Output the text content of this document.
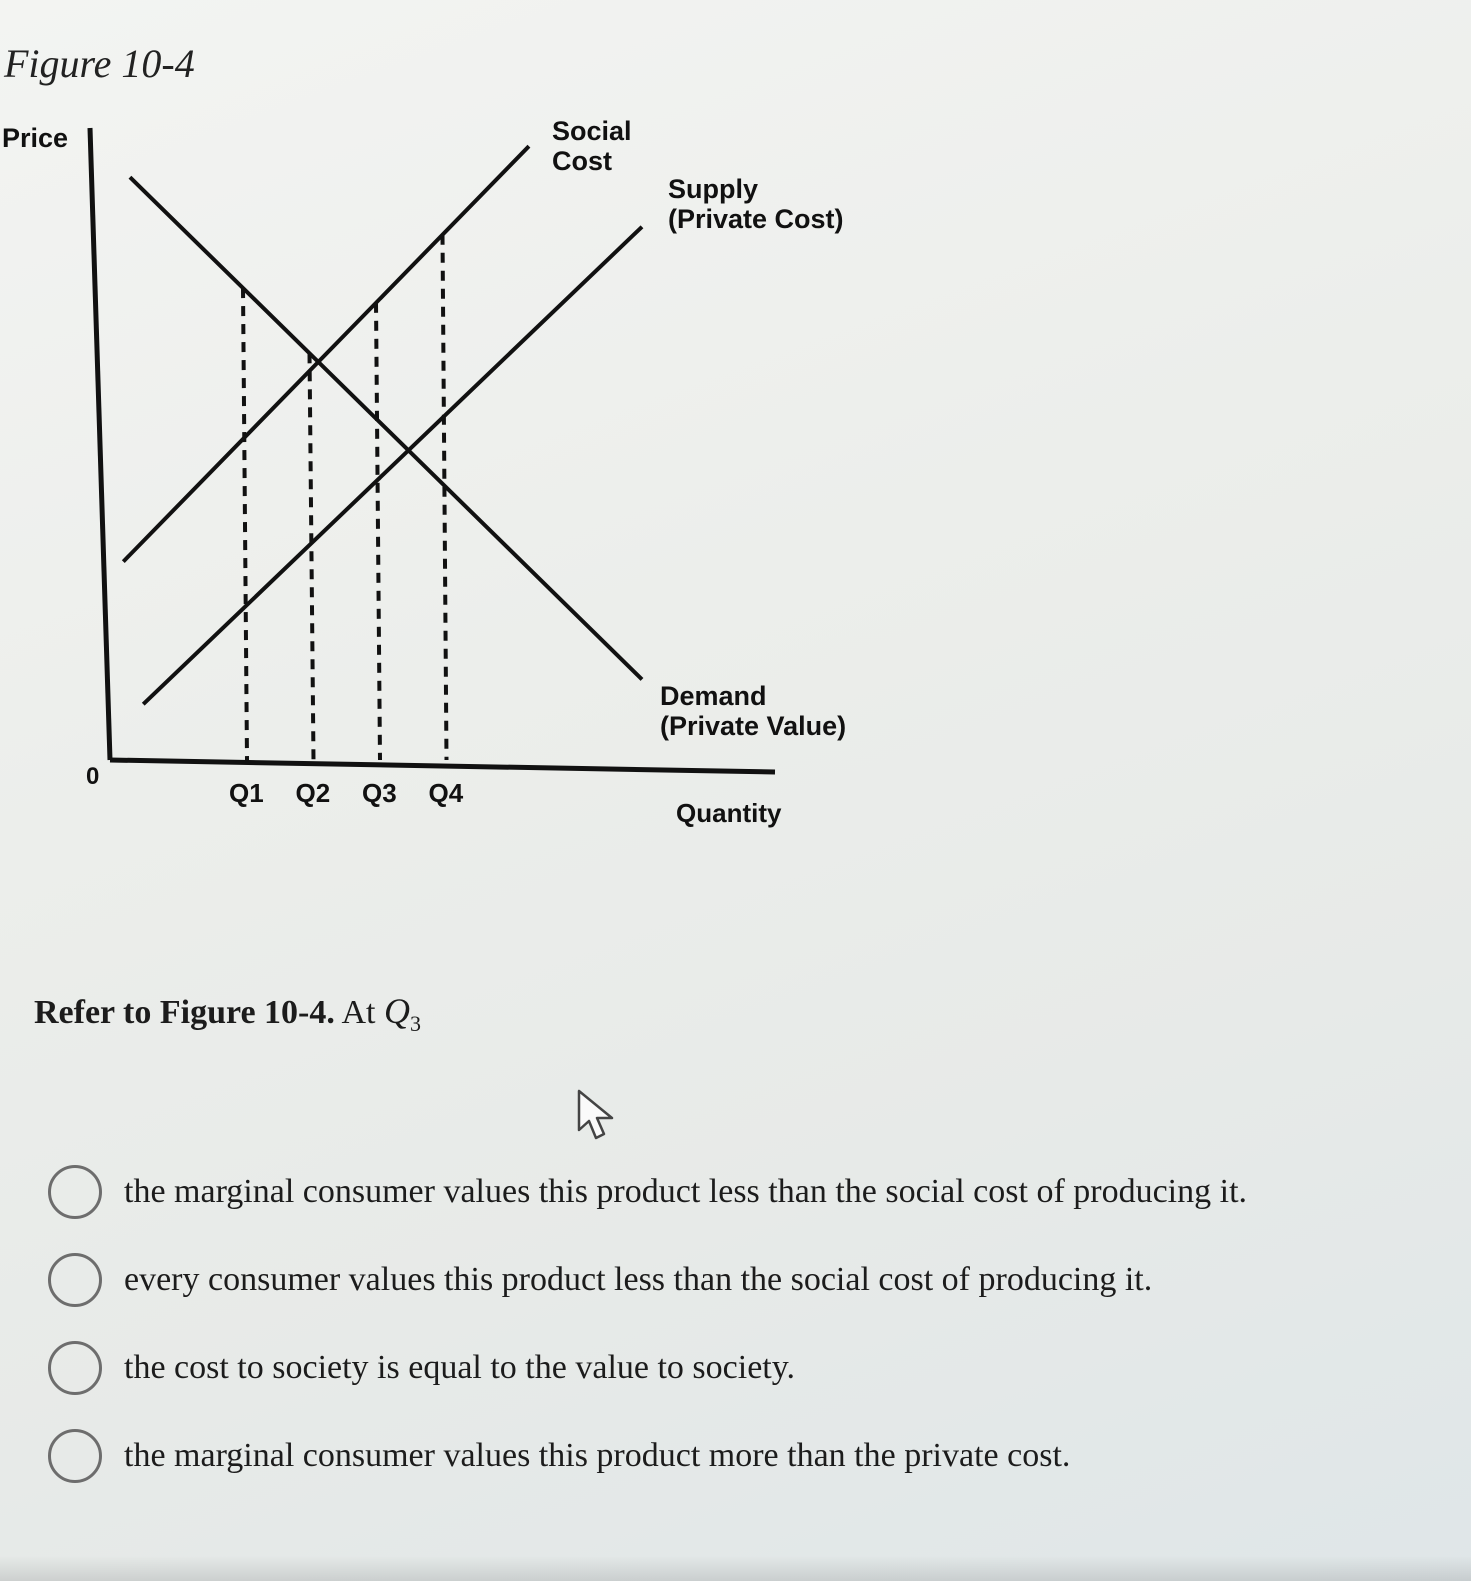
Figure 10-4
Price
Quantity
0
Q1 Q2 Q3 Q4
Demand
(Private Value)
Supply
(Private Cost)
Social
Cost
Refer to Figure 10-4. At $Q_3$
the marginal consumer values this product less than the social cost of producing it.
every consumer values this product less than the social cost of producing it.
the cost to society is equal to the value to society.
the marginal consumer values this product more than the private cost.
